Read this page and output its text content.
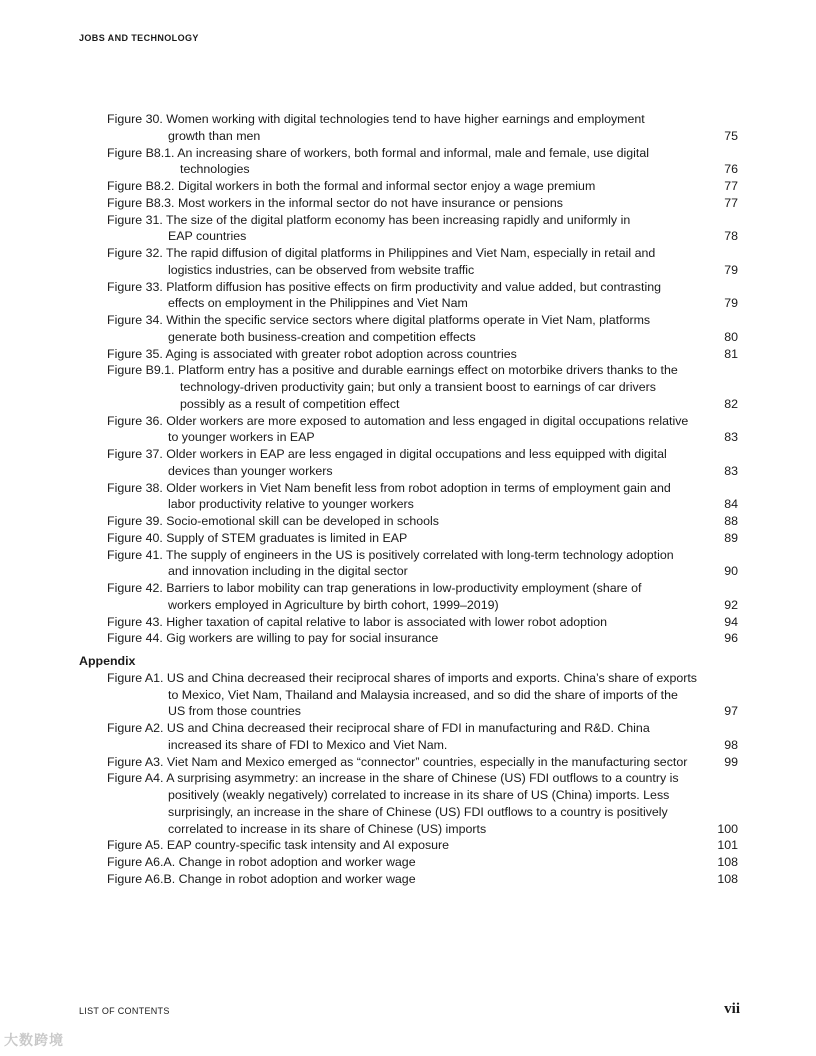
JOBS AND TECHNOLOGY
Figure 30. Women working with digital technologies tend to have higher earnings and employment
growth than men	75
Figure B8.1. An increasing share of workers, both formal and informal, male and female, use digital
technologies	76
Figure B8.2. Digital workers in both the formal and informal sector enjoy a wage premium	77
Figure B8.3. Most workers in the informal sector do not have insurance or pensions	77
Figure 31. The size of the digital platform economy has been increasing rapidly and uniformly in
EAP countries	78
Figure 32. The rapid diffusion of digital platforms in Philippines and Viet Nam, especially in retail and
logistics industries, can be observed from website traffic	79
Figure 33. Platform diffusion has positive effects on firm productivity and value added, but contrasting
effects on employment in the Philippines and Viet Nam	79
Figure 34. Within the specific service sectors where digital platforms operate in Viet Nam, platforms
generate both business-creation and competition effects	80
Figure 35. Aging is associated with greater robot adoption across countries	81
Figure B9.1. Platform entry has a positive and durable earnings effect on motorbike drivers thanks to the
technology-driven productivity gain; but only a transient boost to earnings of car drivers
possibly as a result of competition effect	82
Figure 36. Older workers are more exposed to automation and less engaged in digital occupations relative
to younger workers in EAP	83
Figure 37. Older workers in EAP are less engaged in digital occupations and less equipped with digital
devices than younger workers	83
Figure 38. Older workers in Viet Nam benefit less from robot adoption in terms of employment gain and
labor productivity relative to younger workers	84
Figure 39. Socio-emotional skill can be developed in schools	88
Figure 40. Supply of STEM graduates is limited in EAP	89
Figure 41. The supply of engineers in the US is positively correlated with long-term technology adoption
and innovation including in the digital sector	90
Figure 42. Barriers to labor mobility can trap generations in low-productivity employment (share of
workers employed in Agriculture by birth cohort, 1999–2019)	92
Figure 43. Higher taxation of capital relative to labor is associated with lower robot adoption	94
Figure 44. Gig workers are willing to pay for social insurance	96
Appendix
Figure A1. US and China decreased their reciprocal shares of imports and exports. China’s share of exports
to Mexico, Viet Nam, Thailand and Malaysia increased, and so did the share of imports of the
US from those countries	97
Figure A2. US and China decreased their reciprocal share of FDI in manufacturing and R&D. China
increased its share of FDI to Mexico and Viet Nam.	98
Figure A3. Viet Nam and Mexico emerged as “connector” countries, especially in the manufacturing sector	99
Figure A4. A surprising asymmetry: an increase in the share of Chinese (US) FDI outflows to a country is
positively (weakly negatively) correlated to increase in its share of US (China) imports. Less
surprisingly, an increase in the share of Chinese (US) FDI outflows to a country is positively
correlated to increase in its share of Chinese (US) imports	100
Figure A5. EAP country-specific task intensity and AI exposure	101
Figure A6.A. Change in robot adoption and worker wage	108
Figure A6.B. Change in robot adoption and worker wage	108
LIST OF CONTENTS	vii
大数跨境
